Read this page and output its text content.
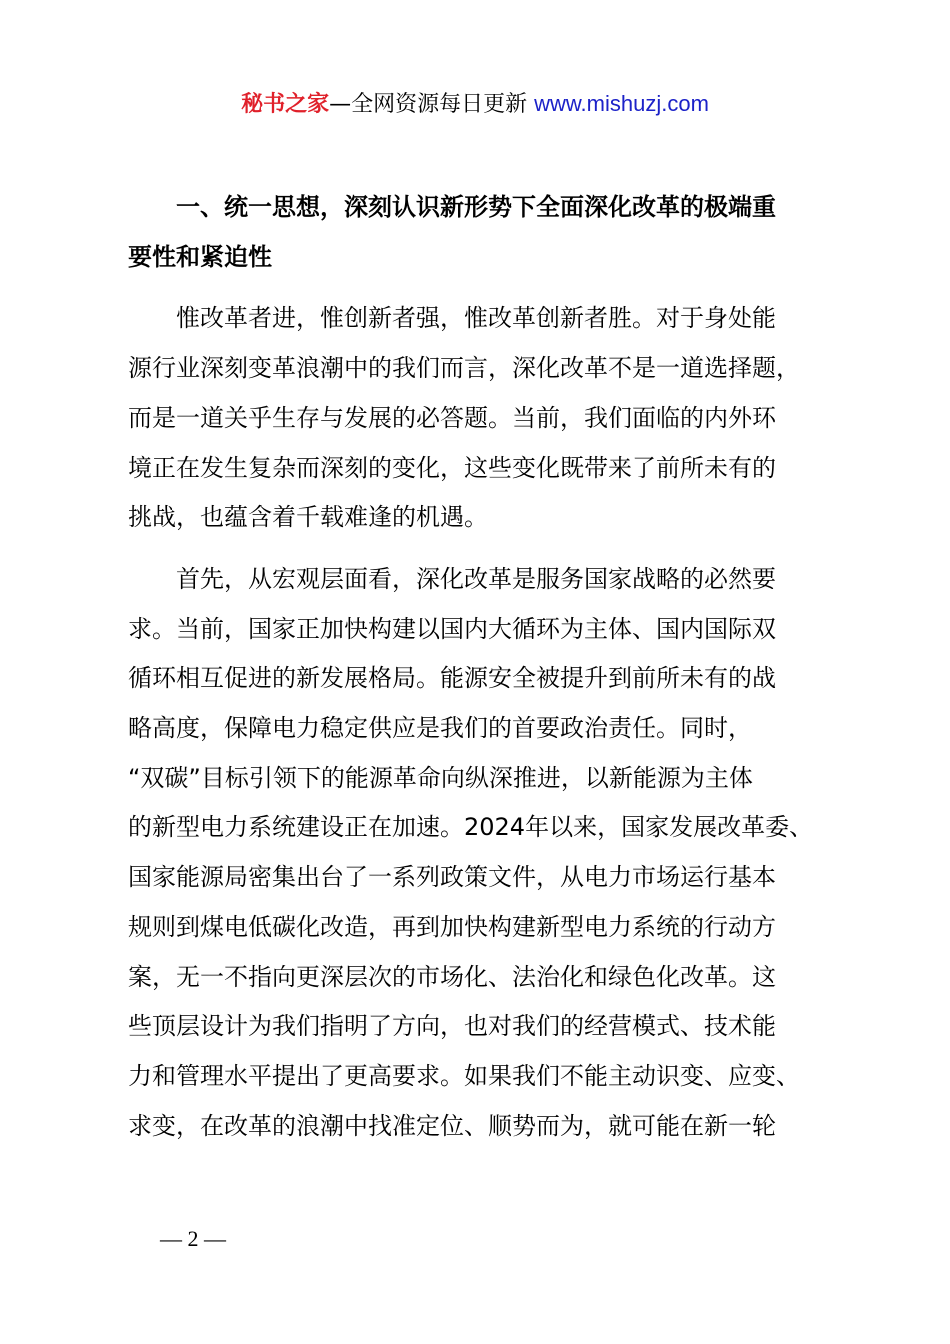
秘书之家—全网资源每日更新 www.mishuzj.com

一、统一思想，深刻认识新形势下全面深化改革的极端重

要性和紧迫性

惟改革者进，惟创新者强，惟改革创新者胜。对于身处能

源行业深刻变革浪潮中的我们而言，深化改革不是一道选择题，

而是一道关乎生存与发展的必答题。当前，我们面临的内外环

境正在发生复杂而深刻的变化，这些变化既带来了前所未有的

挑战，也蕴含着千载难逢的机遇。

首先，从宏观层面看，深化改革是服务国家战略的必然要

求。当前，国家正加快构建以国内大循环为主体、国内国际双

循环相互促进的新发展格局。能源安全被提升到前所未有的战

略高度，保障电力稳定供应是我们的首要政治责任。同时，

“双碳”目标引领下的能源革命向纵深推进，以新能源为主体

的新型电力系统建设正在加速。2024年以来，国家发展改革委、

国家能源局密集出台了一系列政策文件，从电力市场运行基本

规则到煤电低碳化改造，再到加快构建新型电力系统的行动方

案，无一不指向更深层次的市场化、法治化和绿色化改革。这

些顶层设计为我们指明了方向，也对我们的经营模式、技术能

力和管理水平提出了更高要求。如果我们不能主动识变、应变、

求变，在改革的浪潮中找准定位、顺势而为，就可能在新一轮

— 2 —
